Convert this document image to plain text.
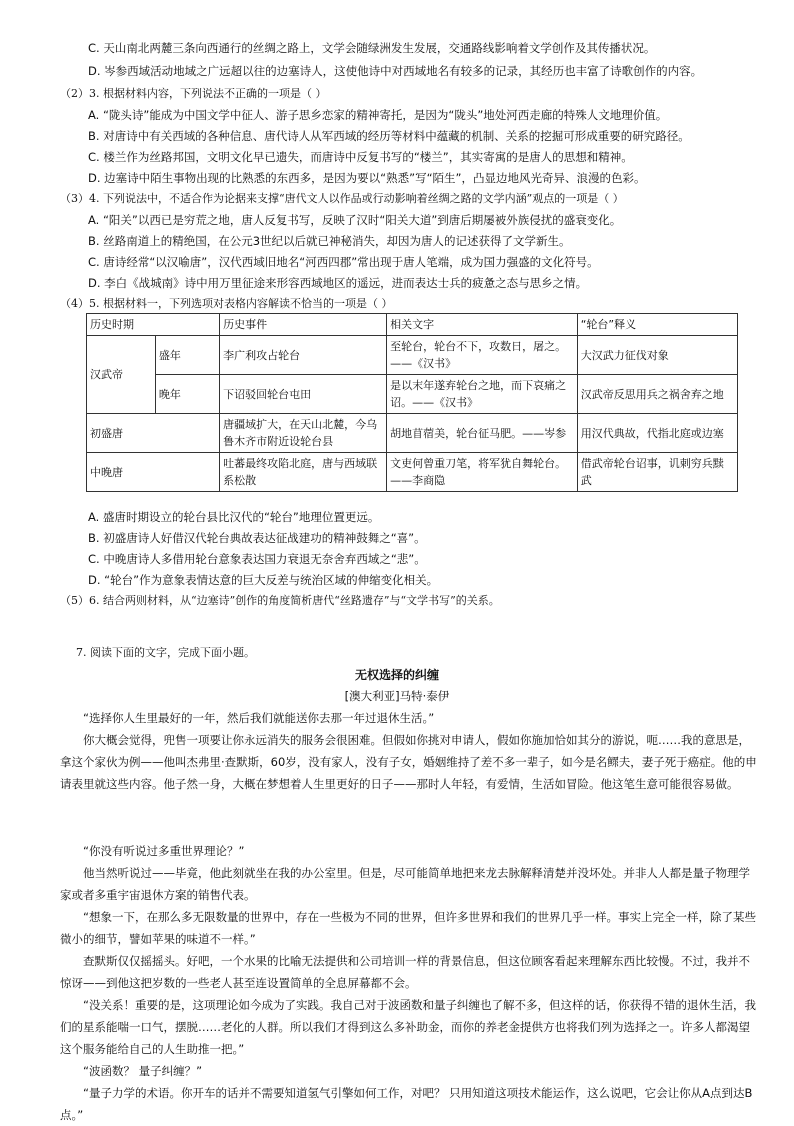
C. 天山南北两麓三条向西通行的丝绸之路上，文学会随绿洲发生发展，交通路线影响着文学创作及其传播状况。
D. 岑参西域活动地域之广远超以往的边塞诗人，这使他诗中对西域地名有较多的记录，其经历也丰富了诗歌创作的内容。
（2）3. 根据材料内容，下列说法不正确的一项是（ ）
A. “陇头诗”能成为中国文学中征人、游子思乡恋家的精神寄托，是因为“陇头”地处河西走廊的特殊人文地理价值。
B. 对唐诗中有关西域的各种信息、唐代诗人从军西域的经历等材料中蕴藏的机制、关系的挖掘可形成重要的研究路径。
C. 楼兰作为丝路邦国，文明文化早已遗失，而唐诗中反复书写的“楼兰”，其实寄寓的是唐人的思想和精神。
D. 边塞诗中陌生事物出现的比熟悉的东西多，是因为要以“熟悉”写“陌生”，凸显边地风光奇异、浪漫的色彩。
（3）4. 下列说法中，不适合作为论据来支撑“唐代文人以作品或行动影响着丝绸之路的文学内涵”观点的一项是（ ）
A. “阳关”以西已是穷荒之地，唐人反复书写，反映了汉时“阳关大道”到唐后期屡被外族侵扰的盛衰变化。
B. 丝路南道上的精绝国，在公元3世纪以后就已神秘消失，却因为唐人的记述获得了文学新生。
C. 唐诗经常“以汉喻唐”，汉代西域旧地名“河西四郡”常出现于唐人笔端，成为国力强盛的文化符号。
D. 李白《战城南》诗中用万里征途来形容西域地区的遥远，进而表达士兵的疲惫之态与思乡之情。
（4）5. 根据材料一，下列选项对表格内容解读不恰当的一项是（ ）
历史时期		历史事件	相关文字	“轮台”释义
汉武帝	盛年	李广利攻占轮台	至轮台，轮台不下，攻数日，屠之。——《汉书》	大汉武力征伐对象
	晚年	下诏驳回轮台屯田	是以末年遂弃轮台之地，而下哀痛之诏。——《汉书》	汉武帝反思用兵之祸舍弃之地
初盛唐		唐疆域扩大，在天山北麓，今乌鲁木齐市附近设轮台县	胡地苜蓿美，轮台征马肥。——岑参	用汉代典故，代指北庭或边塞
中晚唐		吐蕃最终攻陷北庭，唐与西域联系松散	文吏何曾重刀笔，将军犹自舞轮台。——李商隐	借武帝轮台诏事，讥刺穷兵黩武
A. 盛唐时期设立的轮台县比汉代的“轮台”地理位置更远。
B. 初盛唐诗人好借汉代轮台典故表达征战建功的精神鼓舞之“喜”。
C. 中晚唐诗人多借用轮台意象表达国力衰退无奈舍弃西域之“悲”。
D. “轮台”作为意象表情达意的巨大反差与统治区域的伸缩变化相关。
（5）6. 结合两则材料，从“边塞诗”创作的角度简析唐代“丝路遗存”与“文学书写”的关系。
7. 阅读下面的文字，完成下面小题。
无权选择的纠缠
[澳大利亚]马特·泰伊
“选择你人生里最好的一年，然后我们就能送你去那一年过退休生活。”
你大概会觉得，兜售一项要让你永远消失的服务会很困难。但假如你挑对申请人，假如你施加恰如其分的游说，呃……我的意思是，拿这个家伙为例——他叫杰弗里·查默斯，60岁，没有家人，没有子女，婚姻维持了差不多一辈子，如今是名鳏夫，妻子死于癌症。他的申请表里就这些内容。他子然一身，大概在梦想着人生里更好的日子——那时人年轻，有爱情，生活如冒险。他这笔生意可能很容易做。
“你没有听说过多重世界理论？”
他当然听说过——毕竟，他此刻就坐在我的办公室里。但是，尽可能简单地把来龙去脉解释清楚并没坏处。并非人人都是量子物理学家或者多重宇宙退休方案的销售代表。
“想象一下，在那么多无限数量的世界中，存在一些极为不同的世界，但许多世界和我们的世界几乎一样。事实上完全一样，除了某些微小的细节，譬如苹果的味道不一样。”
查默斯仅仅摇摇头。好吧，一个水果的比喻无法提供和公司培训一样的背景信息，但这位顾客看起来理解东西比较慢。不过，我并不惊讶——到他这把岁数的一些老人甚至连设置简单的全息屏幕都不会。
“没关系！重要的是，这项理论如今成为了实践。我自己对于波函数和量子纠缠也了解不多，但这样的话，你获得不错的退休生活，我们的星系能喘一口气，摆脱……老化的人群。所以我们才得到这么多补助金，而你的养老金提供方也将我们列为选择之一。许多人都渴望这个服务能给自己的人生助推一把。”
“波函数？ 量子纠缠？”
“量子力学的术语。你开车的话并不需要知道氢气引擎如何工作，对吧？ 只用知道这项技术能运作，这么说吧，它会让你从A点到达B点。”
